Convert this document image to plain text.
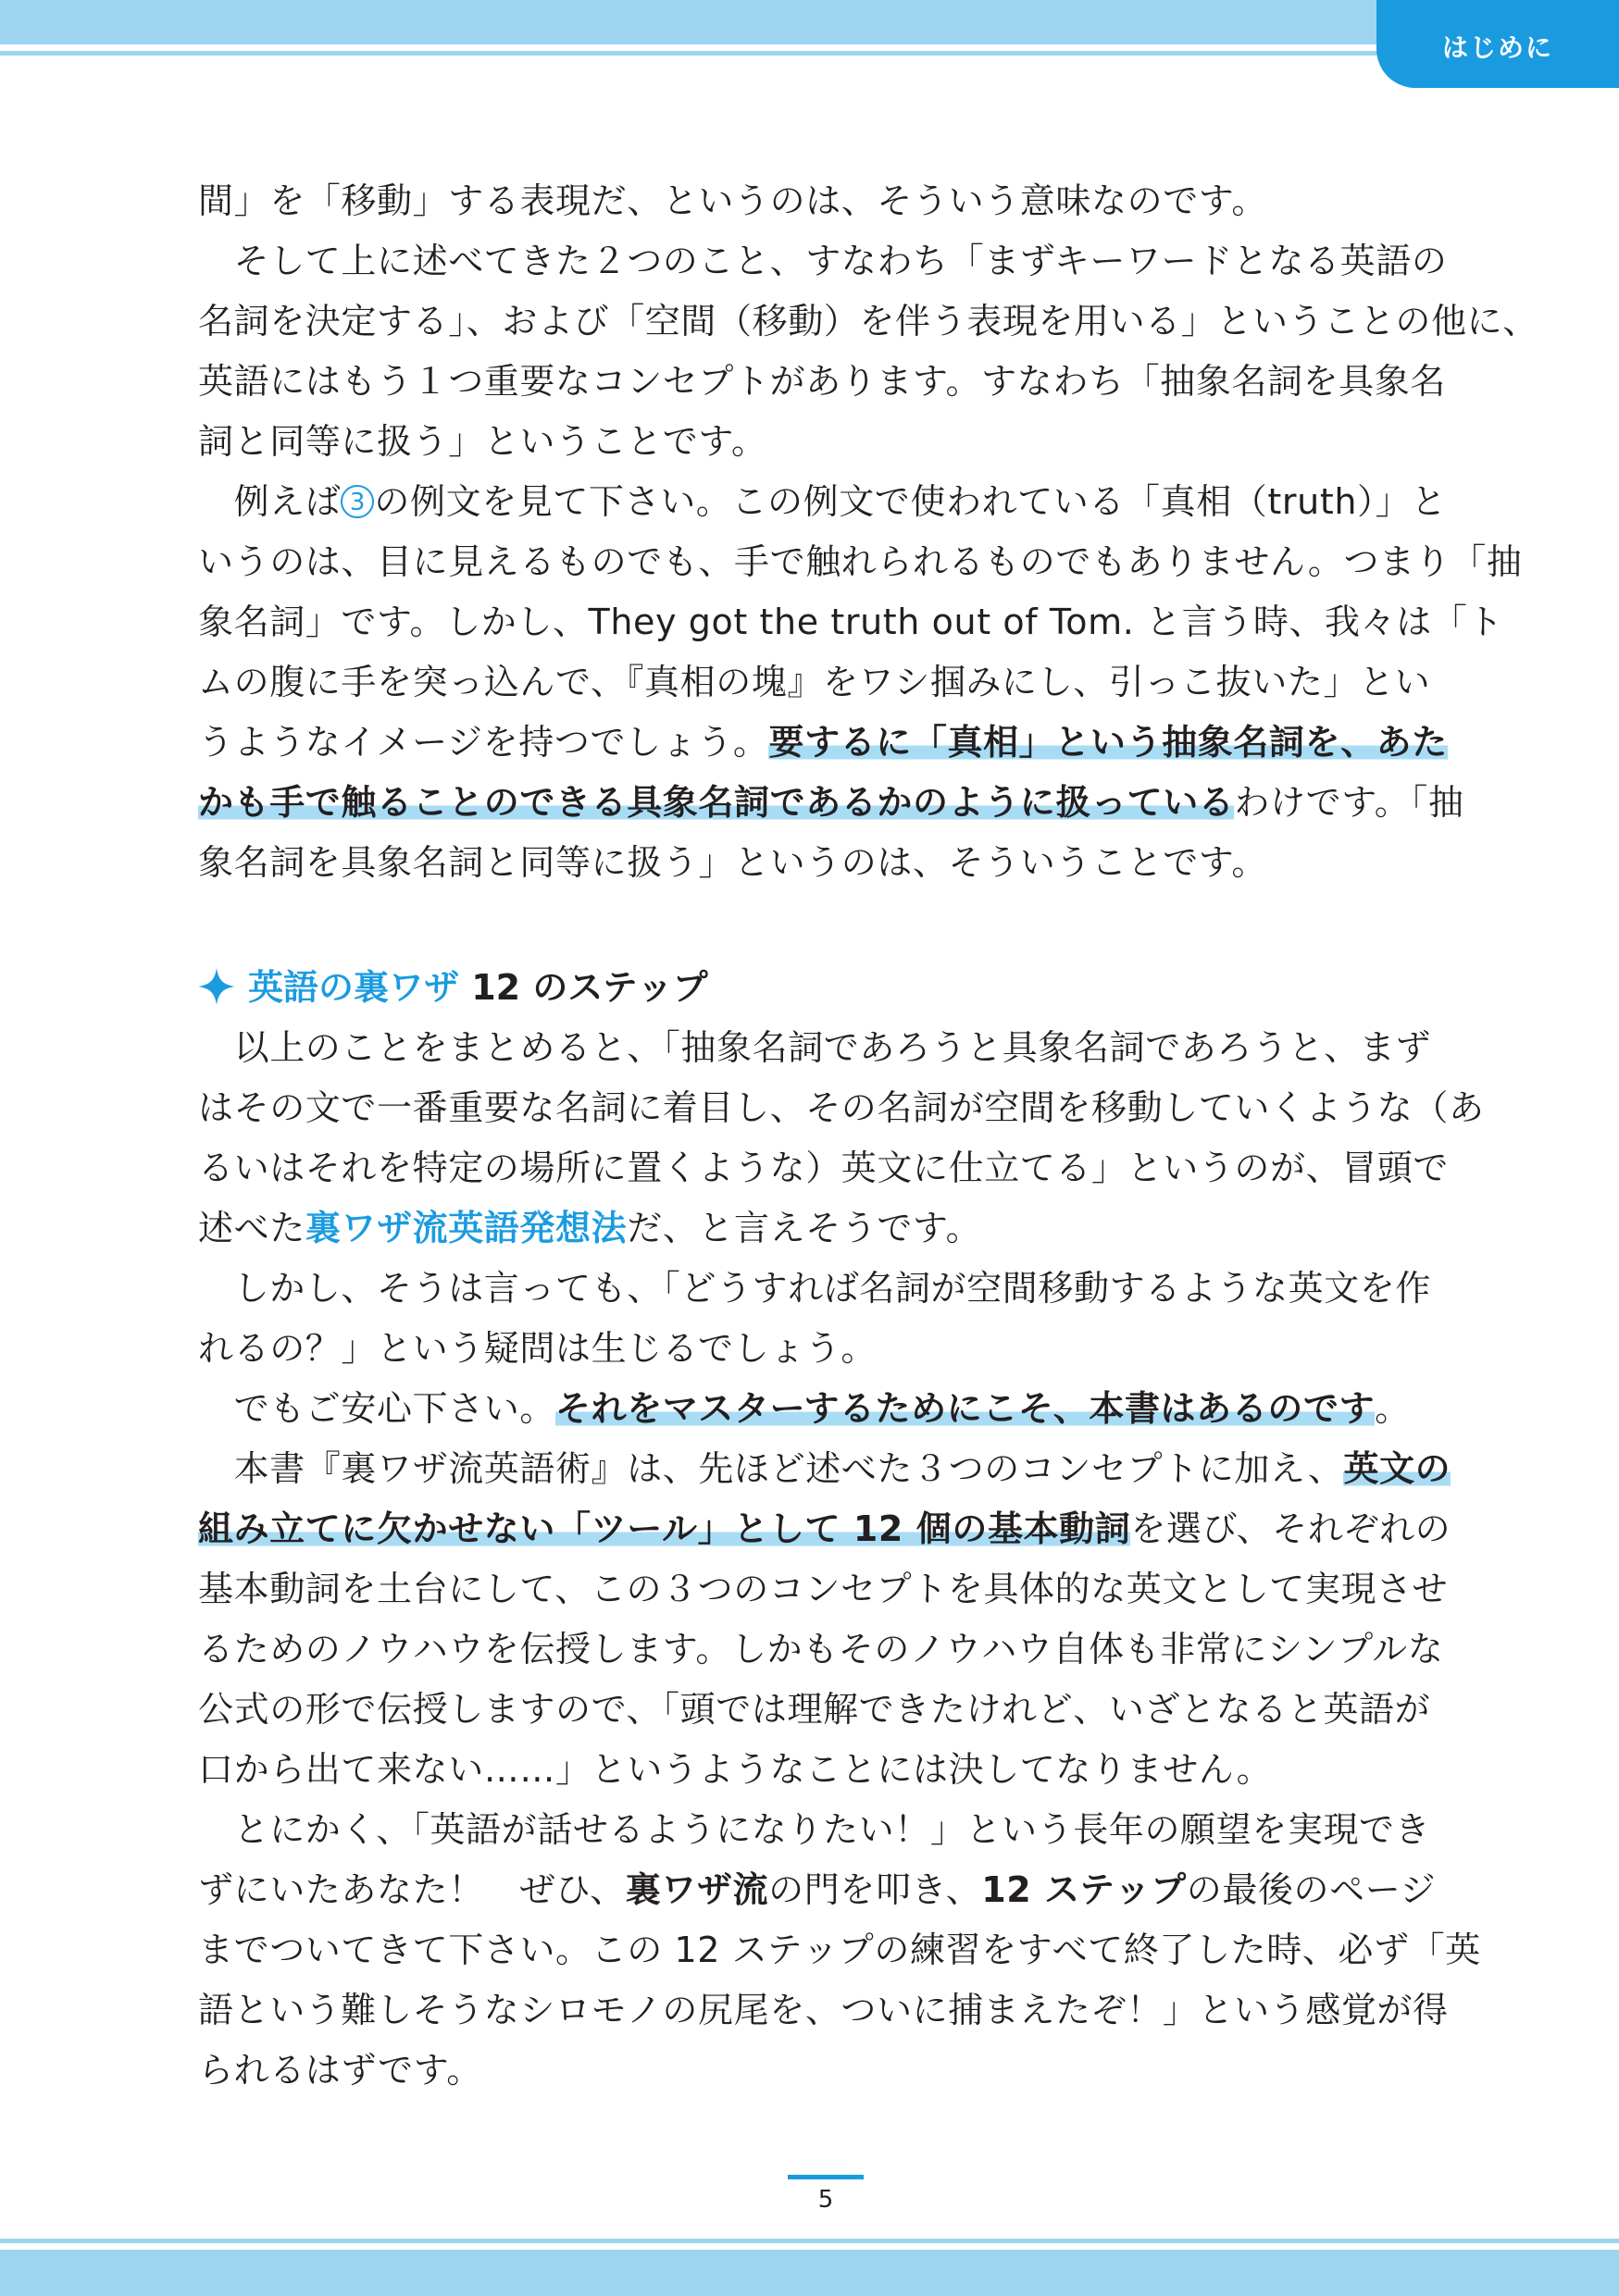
はじめに
間」を「移動」する表現だ、というのは、そういう意味なのです。
　そして上に述べてきた２つのこと、すなわち「まずキーワードとなる英語の
名詞を決定する」、および「空間（移動）を伴う表現を用いる」ということの他に、
英語にはもう１つ重要なコンセプトがあります。すなわち「抽象名詞を具象名
詞と同等に扱う」ということです。
　例えば 3 の例文を見て下さい。この例文で使われている「真相（truth）」と
いうのは、目に見えるものでも、手で触れられるものでもありません。つまり「抽
象名詞」です。しかし、They got the truth out of Tom. と言う時、我々は「ト
ムの腹に手を突っ込んで、『真相の塊』をワシ掴みにし、引っこ抜いた」とい
うようなイメージを持つでしょう。要するに「真相」という抽象名詞を、あた
かも手で触ることのできる具象名詞であるかのように扱っているわけです。「抽
象名詞を具象名詞と同等に扱う」というのは、そういうことです。
英語の裏ワザ 12 のステップ
　以上のことをまとめると、「抽象名詞であろうと具象名詞であろうと、まず
はその文で一番重要な名詞に着目し、その名詞が空間を移動していくような（あ
るいはそれを特定の場所に置くような）英文に仕立てる」というのが、冒頭で
述べた裏ワザ流英語発想法だ、と言えそうです。
　しかし、そうは言っても、「どうすれば名詞が空間移動するような英文を作
れるの？」という疑問は生じるでしょう。
　でもご安心下さい。それをマスターするためにこそ、本書はあるのです。
　本書『裏ワザ流英語術』は、先ほど述べた３つのコンセプトに加え、英文の
組み立てに欠かせない「ツール」として 12 個の基本動詞を選び、それぞれの
基本動詞を土台にして、この３つのコンセプトを具体的な英文として実現させ
るためのノウハウを伝授します。しかもそのノウハウ自体も非常にシンプルな
公式の形で伝授しますので、「頭では理解できたけれど、いざとなると英語が
口から出て来ない……」というようなことには決してなりません。
　とにかく、「英語が話せるようになりたい！」という長年の願望を実現でき
ずにいたあなた！　ぜひ、裏ワザ流の門を叩き、12 ステップの最後のページ
までついてきて下さい。この 12 ステップの練習をすべて終了した時、必ず「英
語という難しそうなシロモノの尻尾を、ついに捕まえたぞ！」という感覚が得
られるはずです。
5
